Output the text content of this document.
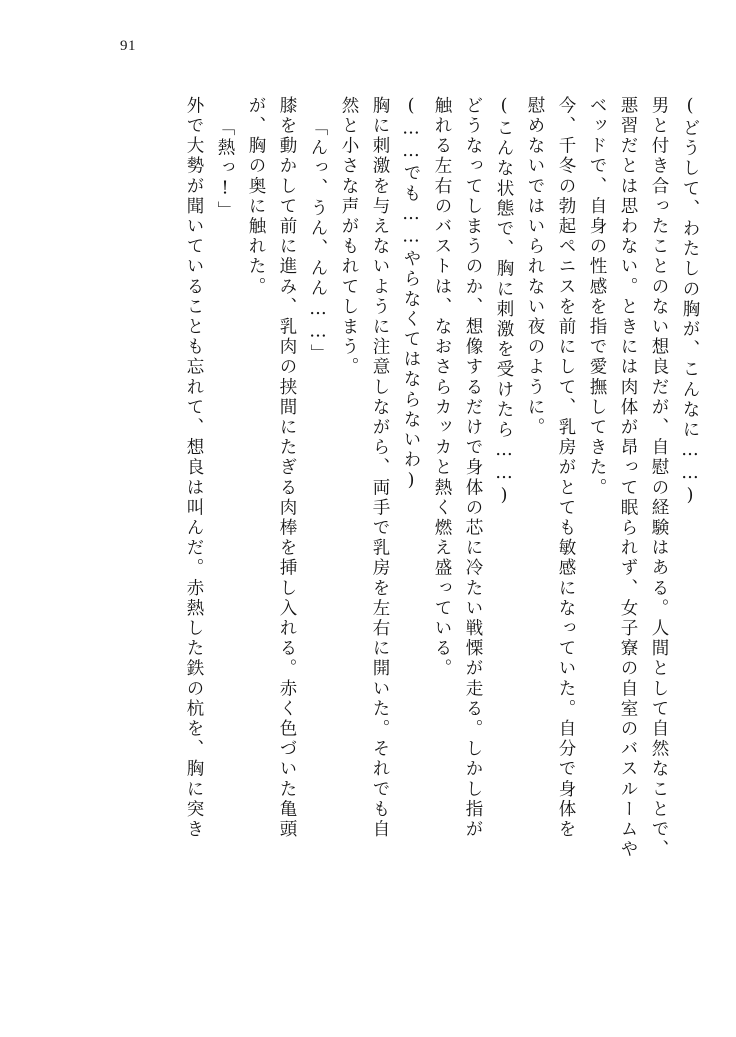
91
(どうして、わたしの胸が、こんなに……)
男と付き合ったことのない想良だが、自慰の経験はある。人間として自然なことで、
悪習だとは思わない。ときには肉体が昂って眠られず、女子寮の自室のバスルームや
ベッドで、自身の性感を指で愛撫してきた。
今、千冬の勃起ペニスを前にして、乳房がとても敏感になっていた。自分で身体を
慰めないではいられない夜のように。
(こんな状態で、胸に刺激を受けたら……)
どうなってしまうのか、想像するだけで身体の芯に冷たい戦慄が走る。しかし指が
触れる左右のバストは、なおさらカッカと熱く燃え盛っている。
(……でも……やらなくてはならないわ)
胸に刺激を与えないように注意しながら、両手で乳房を左右に開いた。それでも自
然と小さな声がもれてしまう。
「んっ、うん、んん……」
膝を動かして前に進み、乳肉の挟間にたぎる肉棒を挿し入れる。赤く色づいた亀頭
が、胸の奥に触れた。
「熱っ!」
外で大勢が聞いていることも忘れて、想良は叫んだ。赤熱した鉄の杭を、胸に突き
